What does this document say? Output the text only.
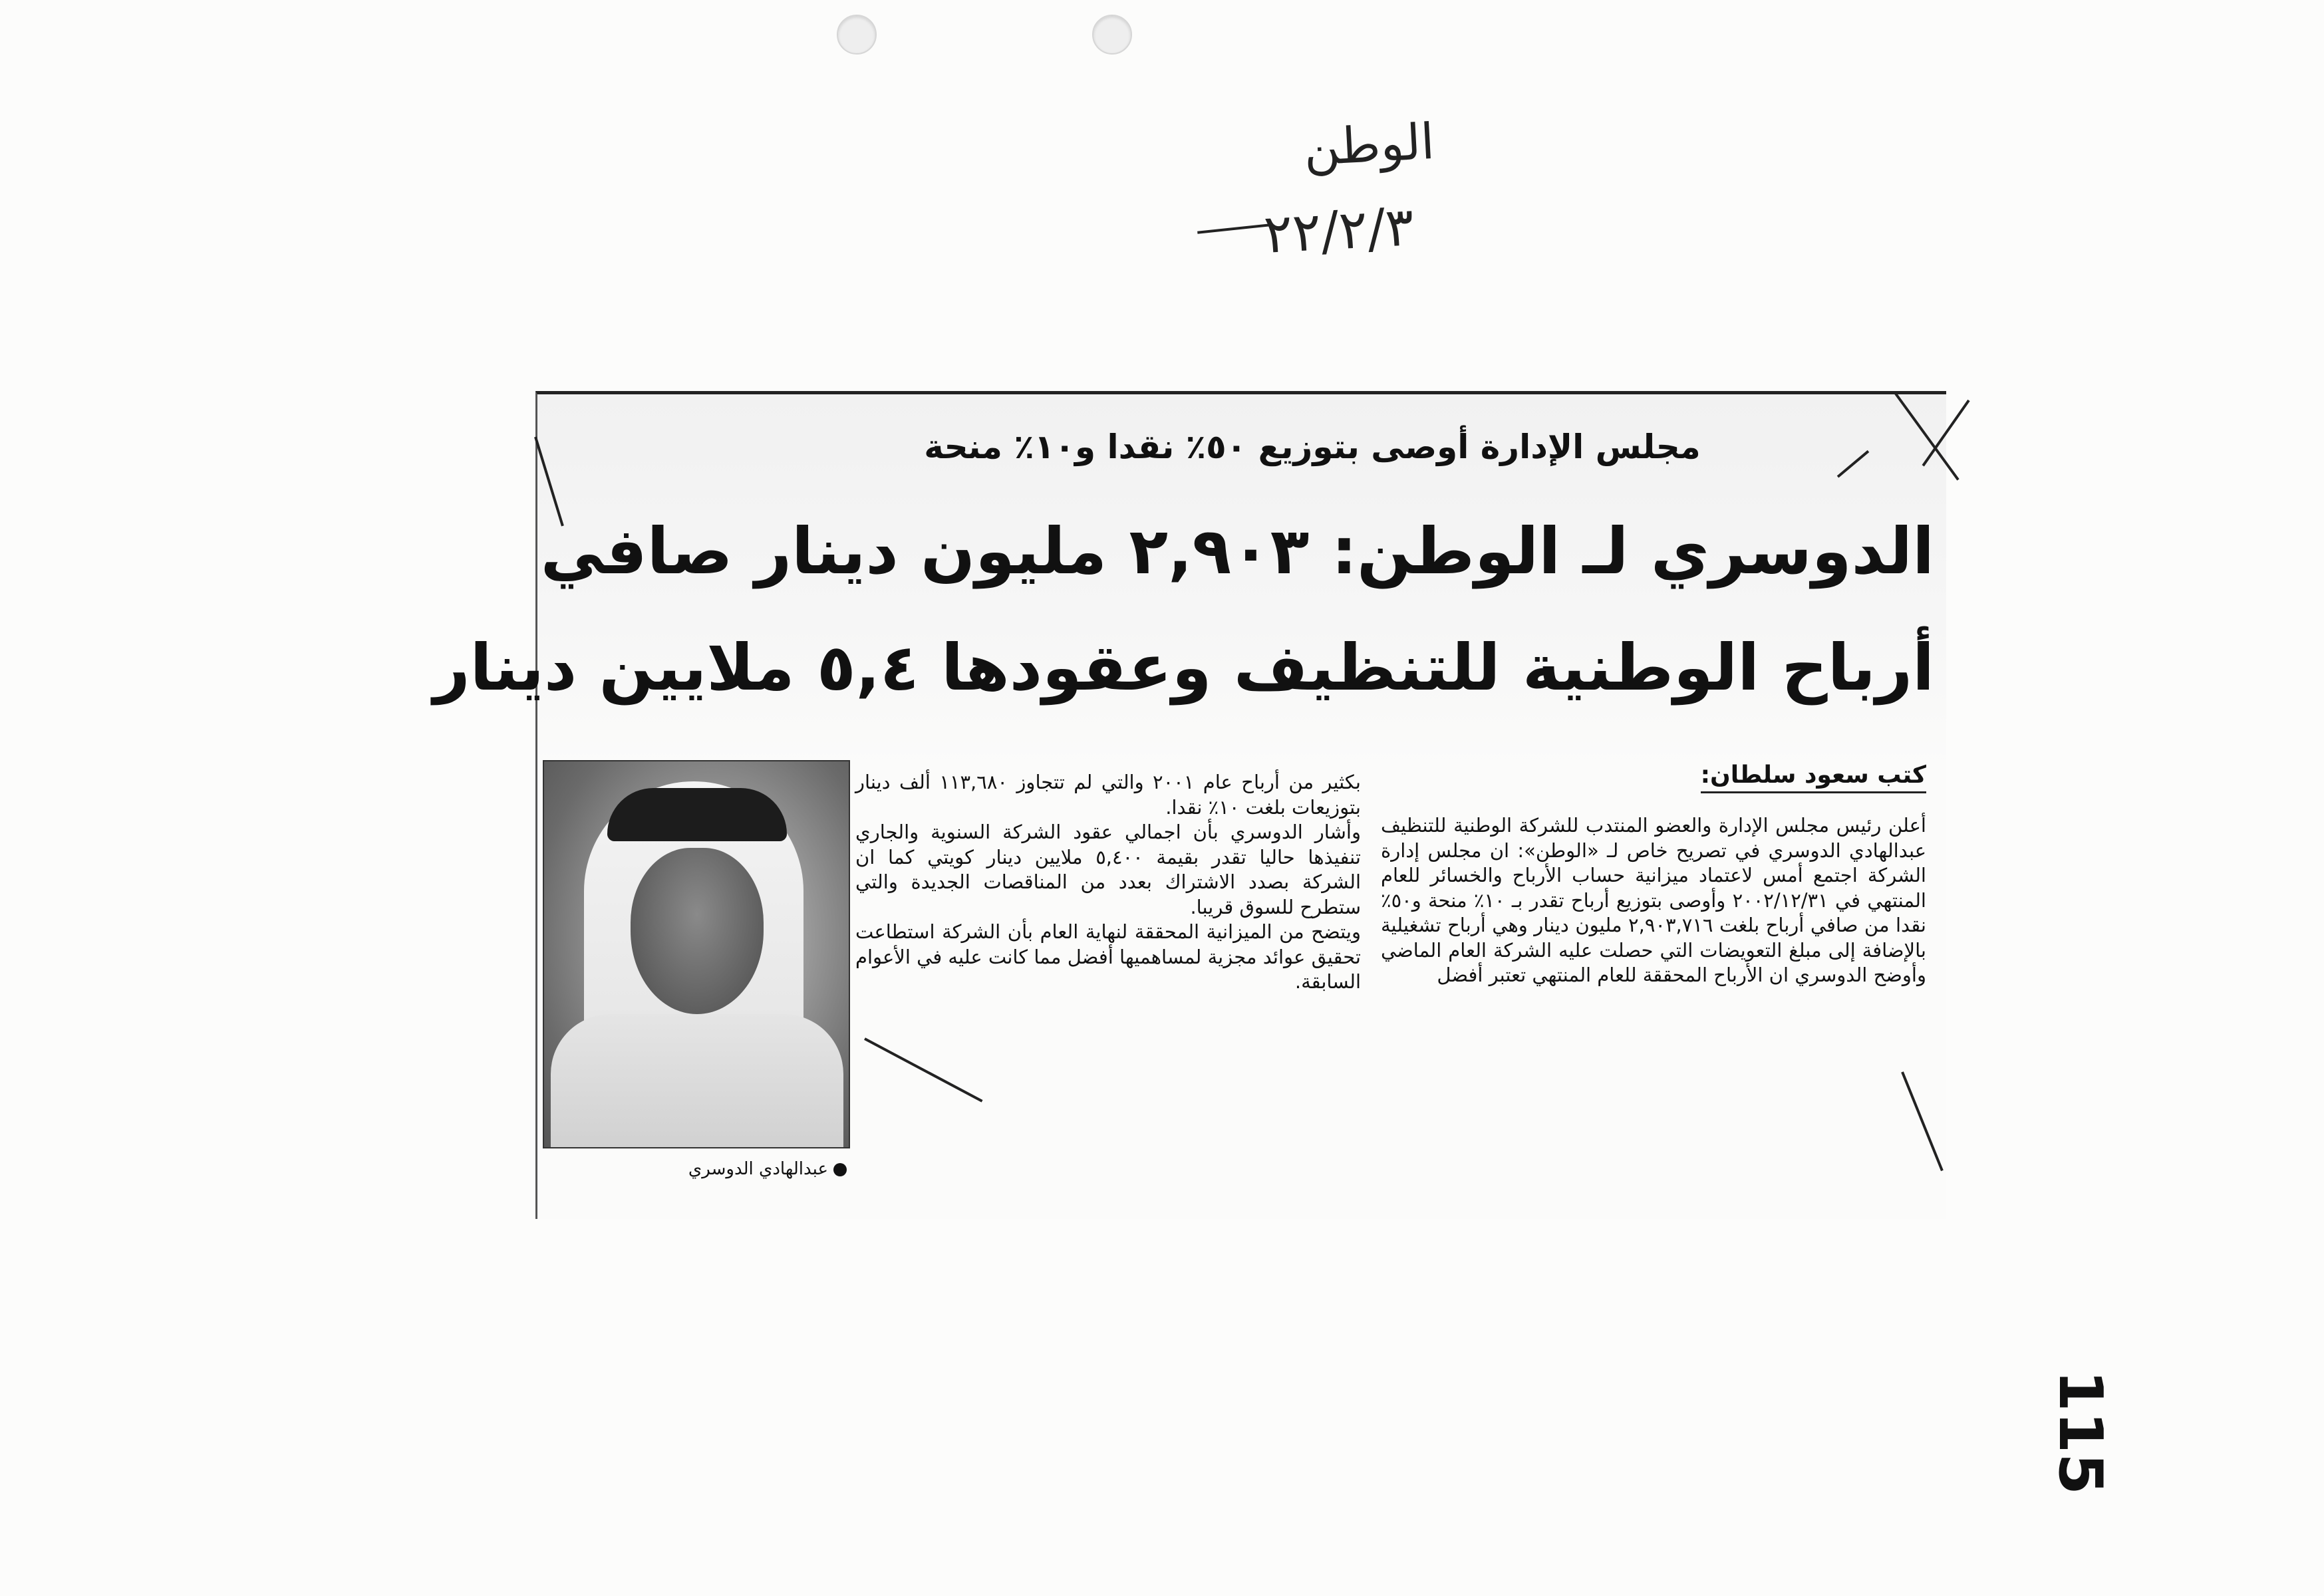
الوطن
٢٢/٢/٣
مجلس الإدارة أوصى بتوزيع ٥٠٪ نقدا و١٠٪ منحة
الدوسري لـ الوطن: ٢,٩٠٣ مليون دينار صافي
أرباح الوطنية للتنظيف وعقودها ٥,٤ ملايين دينار
كتب سعود سلطان:

أعلن رئيس مجلس الإدارة والعضو المنتدب للشركة الوطنية للتنظيف عبدالهادي الدوسري في تصريح خاص لـ «الوطن»: ان مجلس إدارة الشركة اجتمع أمس لاعتماد ميزانية حساب الأرباح والخسائر للعام المنتهي في ٢٠٠٢/١٢/٣١ وأوصى بتوزيع أرباح تقدر بـ ١٠٪ منحة و٥٠٪ نقدا من صافي أرباح بلغت ٢,٩٠٣,٧١٦ مليون دينار وهي أرباح تشغيلية بالإضافة إلى مبلغ التعويضات التي حصلت عليه الشركة العام الماضي وأوضح الدوسري ان الأرباح المحققة للعام المنتهي تعتبر أفضل

بكثير من أرباح عام ٢٠٠١ والتي لم تتجاوز ١١٣,٦٨٠ ألف دينار بتوزيعات بلغت ١٠٪ نقدا.

وأشار الدوسري بأن اجمالي عقود الشركة السنوية والجاري تنفيذها حاليا تقدر بقيمة ٥,٤٠٠ ملايين دينار كويتي كما ان الشركة بصدد الاشتراك بعدد من المناقصات الجديدة والتي ستطرح للسوق قريبا.

ويتضح من الميزانية المحققة لنهاية العام بأن الشركة استطاعت تحقيق عوائد مجزية لمساهميها أفضل مما كانت عليه في الأعوام السابقة.

عبدالهادي الدوسري
115
